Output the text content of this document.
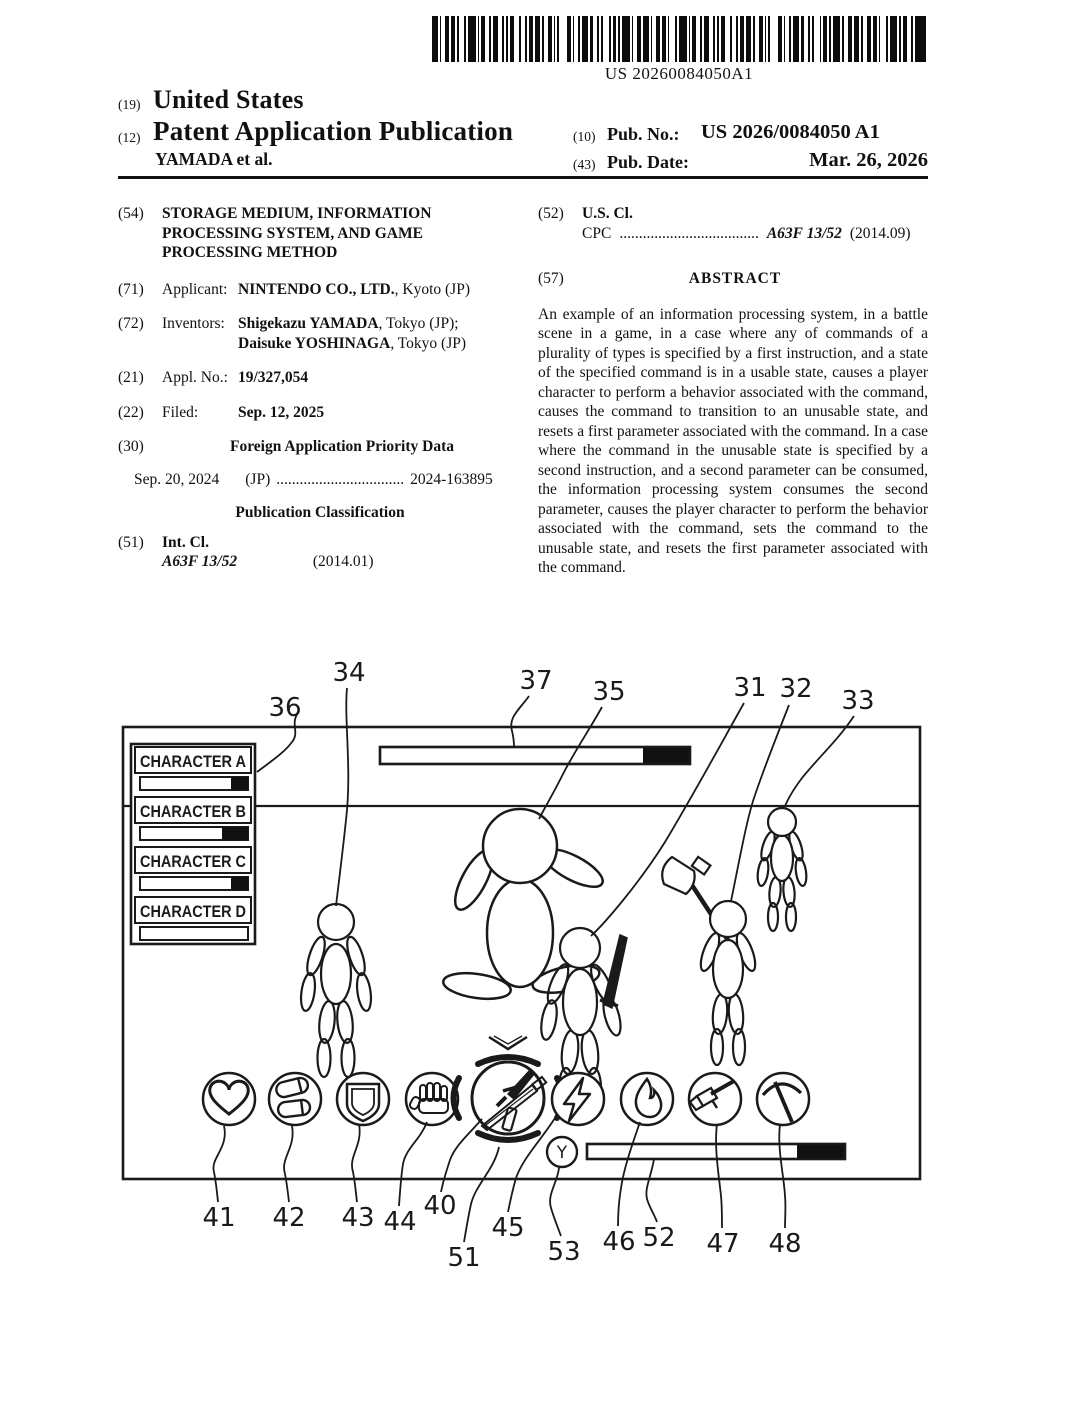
US 20260084050A1
(19) United States
(12) Patent Application Publication
YAMADA et al.
(10) Pub. No.: US 2026/0084050 A1
(43) Pub. Date:	Mar. 26, 2026
(54)	STORAGE MEDIUM, INFORMATION PROCESSING SYSTEM, AND GAME PROCESSING METHOD
(71)	Applicant: NINTENDO CO., LTD., Kyoto (JP)
(72)	Inventors: Shigekazu YAMADA, Tokyo (JP);
Daisuke YOSHINAGA, Tokyo (JP)
(21)	Appl. No.: 19/327,054
(22)	Filed:	Sep. 12, 2025
(30)	Foreign Application Priority Data
Sep. 20, 2024 (JP) ................................. 2024-163895
Publication Classification
(51)	Int. Cl.
A63F 13/52	(2014.01)
(52)	U.S. Cl.
CPC .................................... A63F 13/52 (2014.09)
(57)	ABSTRACT
An example of an information processing system, in a battle scene in a game, in a case where any of commands of a plurality of types is specified by a first instruction, and a state of the specified command is in a usable state, causes a player character to perform a behavior associated with the command, causes the command to transition to an unusable state, and resets a first parameter associated with the command. In a case where the command in the unusable state is specified by a second instruction, and a second parameter can be consumed, the information processing system consumes the second parameter, causes the player character to perform the behavior associated with the command, sets the command to the unusable state, and resets the first parameter associated with the command.
CHARACTER A
CHARACTER B
CHARACTER C
CHARACTER D
Y
36
34	37 35	31 32 33
41 42 43 44
40
51
45
53 46 52 47 48
